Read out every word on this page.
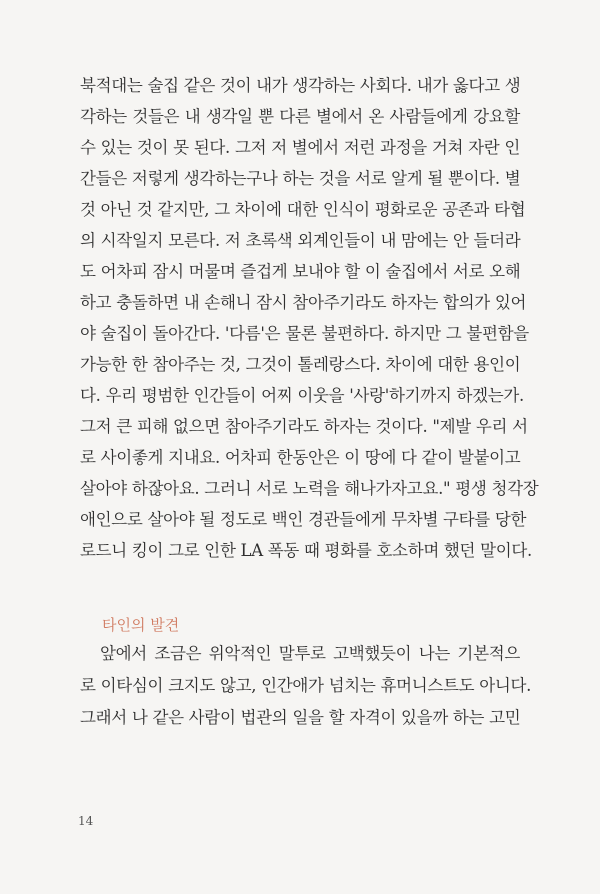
북적대는 술집 같은 것이 내가 생각하는 사회다. 내가 옳다고 생
각하는 것들은 내 생각일 뿐 다른 별에서 온 사람들에게 강요할
수 있는 것이 못 된다. 그저 저 별에서 저런 과정을 거쳐 자란 인
간들은 저렇게 생각하는구나 하는 것을 서로 알게 될 뿐이다. 별
것 아닌 것 같지만, 그 차이에 대한 인식이 평화로운 공존과 타협
의 시작일지 모른다. 저 초록색 외계인들이 내 맘에는 안 들더라
도 어차피 잠시 머물며 즐겁게 보내야 할 이 술집에서 서로 오해
하고 충돌하면 내 손해니 잠시 참아주기라도 하자는 합의가 있어
야 술집이 돌아간다. '다름'은 물론 불편하다. 하지만 그 불편함을
가능한 한 참아주는 것, 그것이 톨레랑스다. 차이에 대한 용인이
다. 우리 평범한 인간들이 어찌 이웃을 '사랑'하기까지 하겠는가.
그저 큰 피해 없으면 참아주기라도 하자는 것이다. "제발 우리 서
로 사이좋게 지내요. 어차피 한동안은 이 땅에 다 같이 발붙이고
살아야 하잖아요. 그러니 서로 노력을 해나가자고요." 평생 청각장
애인으로 살아야 될 정도로 백인 경관들에게 무차별 구타를 당한
로드니 킹이 그로 인한 LA 폭동 때 평화를 호소하며 했던 말이다.
타인의 발견
앞에서 조금은 위악적인 말투로 고백했듯이 나는 기본적으
로 이타심이 크지도 않고, 인간애가 넘치는 휴머니스트도 아니다.
그래서 나 같은 사람이 법관의 일을 할 자격이 있을까 하는 고민
14
